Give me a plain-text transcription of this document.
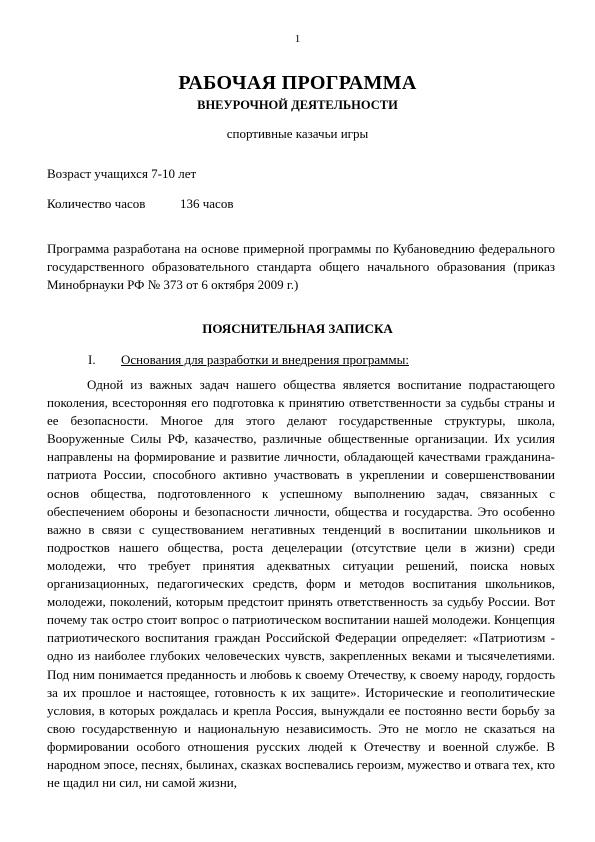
1
РАБОЧАЯ ПРОГРАММА
ВНЕУРОЧНОЙ ДЕЯТЕЛЬНОСТИ
спортивные казачьи игры
Возраст учащихся 7-10 лет
Количество часов	136 часов
Программа разработана на основе примерной программы по Кубановеднию федерального государственного образовательного стандарта общего начального образования (приказ Минобрнауки РФ № 373 от 6 октября 2009 г.)
ПОЯСНИТЕЛЬНАЯ ЗАПИСКА
I. Основания для разработки и внедрения программы:
Одной из важных задач нашего общества является воспитание подрастающего поколения, всесторонняя его подготовка к принятию ответственности за судьбы страны и ее безопасности. Многое для этого делают государственные структуры, школа, Вооруженные Силы РФ, казачество, различные общественные организации. Их усилия направлены на формирование и развитие личности, обладающей качествами гражданина-патриота России, способного активно участвовать в укреплении и совершенствовании основ общества, подготовленного к успешному выполнению задач, связанных с обеспечением обороны и безопасности личности, общества и государства. Это особенно важно в связи с существованием негативных тенденций в воспитании школьников и подростков нашего общества, роста децелерации (отсутствие цели в жизни) среди молодежи, что требует принятия адекватных ситуации решений, поиска новых организационных, педагогических средств, форм и методов воспитания школьников, молодежи, поколений, которым предстоит принять ответственность за судьбу России. Вот почему так остро стоит вопрос о патриотическом воспитании нашей молодежи. Концепция патриотического воспитания граждан Российской Федерации определяет: «Патриотизм - одно из наиболее глубоких человеческих чувств, закрепленных веками и тысячелетиями. Под ним понимается преданность и любовь к своему Отечеству, к своему народу, гордость за их прошлое и настоящее, готовность к их защите». Исторические и геополитические условия, в которых рождалась и крепла Россия, вынуждали ее постоянно вести борьбу за свою государственную и национальную независимость. Это не могло не сказаться на формировании особого отношения русских людей к Отечеству и военной службе. В народном эпосе, песнях, былинах, сказках воспевались героизм, мужество и отвага тех, кто не щадил ни сил, ни самой жизни,
